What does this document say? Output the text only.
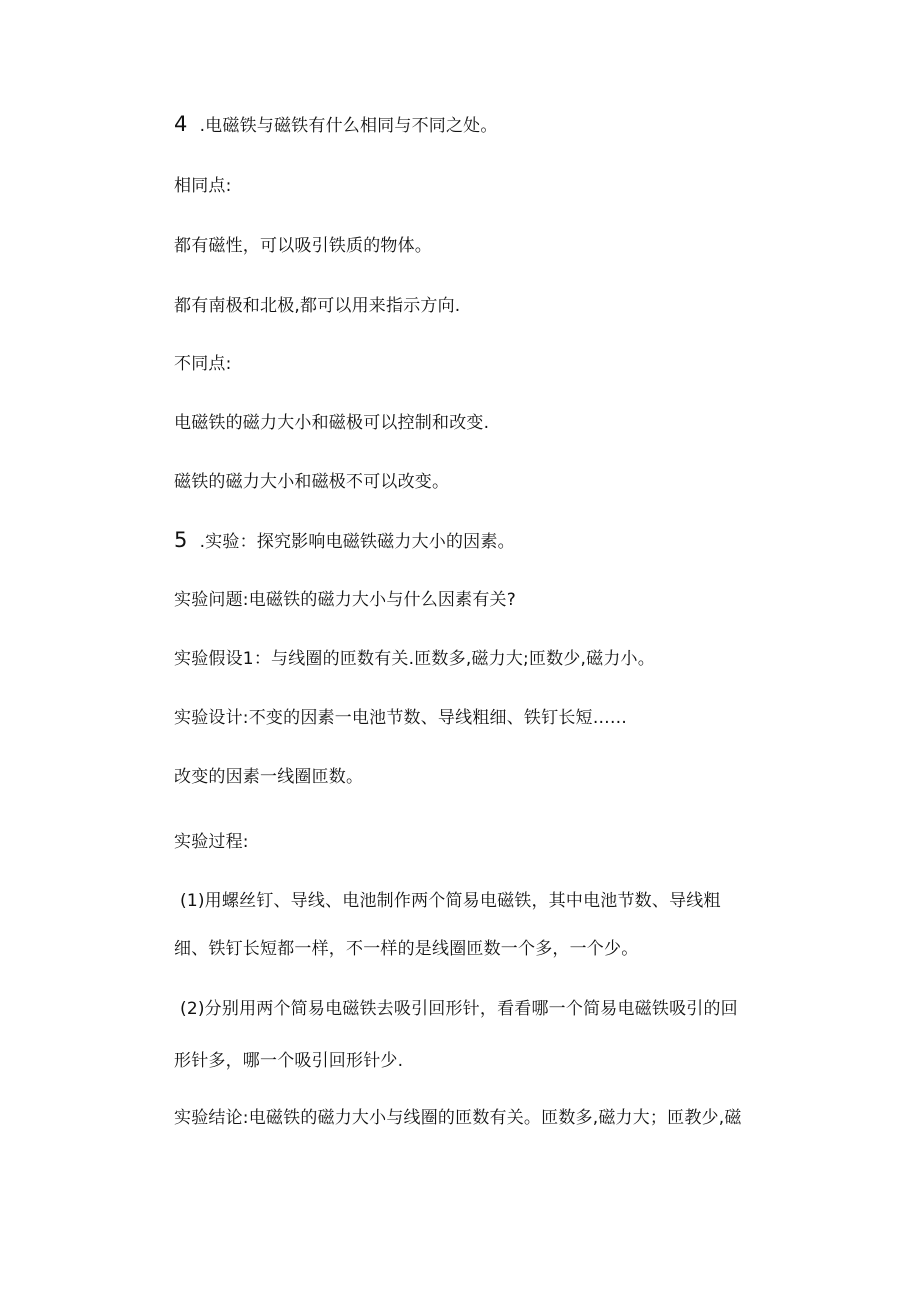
4 .电磁铁与磁铁有什么相同与不同之处。
相同点:
都有磁性，可以吸引铁质的物体。
都有南极和北极,都可以用来指示方向.
不同点:
电磁铁的磁力大小和磁极可以控制和改变.
磁铁的磁力大小和磁极不可以改变。
5 .实验：探究影响电磁铁磁力大小的因素。
实验问题:电磁铁的磁力大小与什么因素有关?
实验假设1：与线圈的匝数有关.匝数多,磁力大;匝数少,磁力小。
实验设计:不变的因素一电池节数、导线粗细、铁钉长短……
改变的因素一线圈匝数。
实验过程:
(1)用螺丝钉、导线、电池制作两个简易电磁铁，其中电池节数、导线粗
细、铁钉长短都一样，不一样的是线圈匝数一个多，一个少。
(2)分别用两个简易电磁铁去吸引回形针，看看哪一个简易电磁铁吸引的回
形针多，哪一个吸引回形针少.
实验结论:电磁铁的磁力大小与线圈的匝数有关。匝数多,磁力大；匝教少,磁
